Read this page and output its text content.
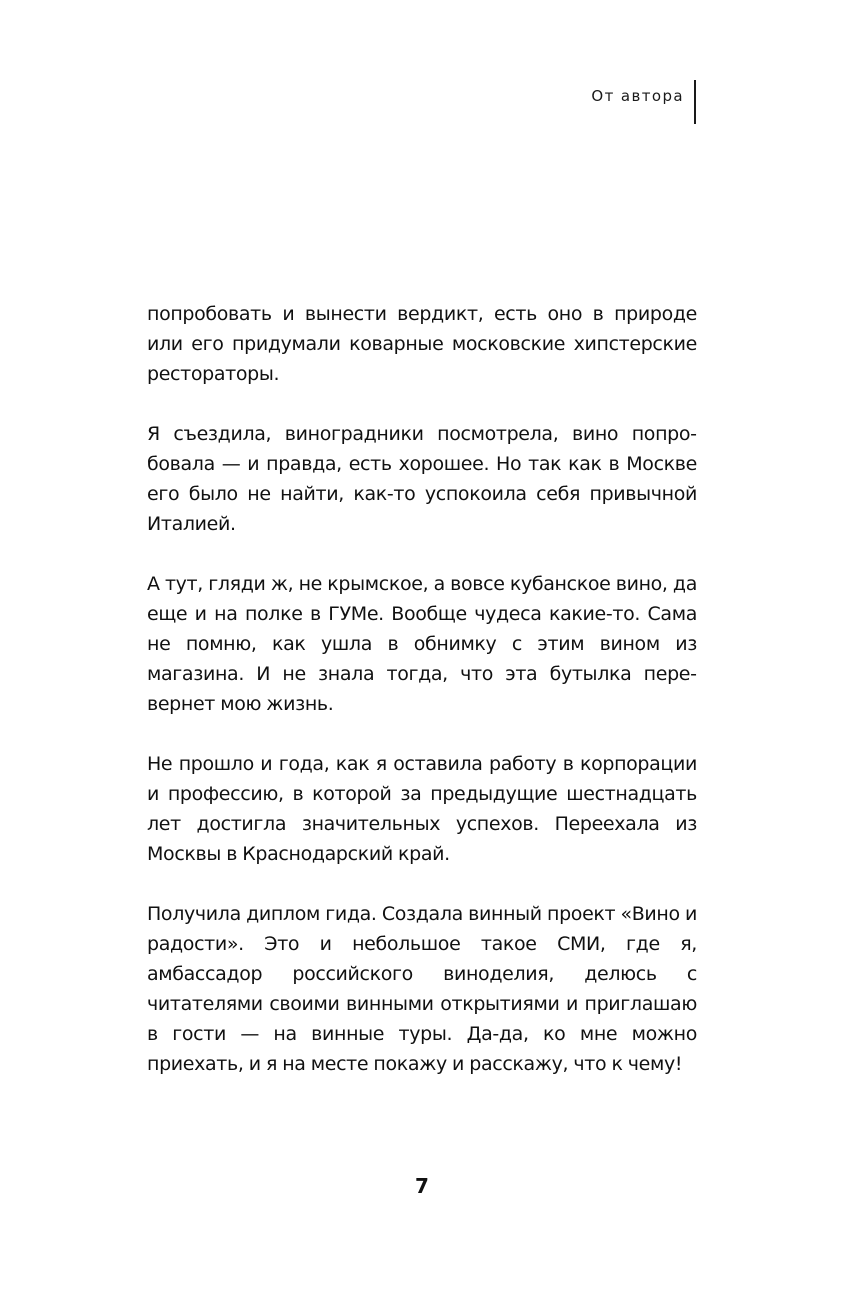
От автора

попробовать и вынести вердикт, есть оно в природе или его придумали коварные московские хипстерские рестораторы.

Я съездила, виноградники посмотрела, вино попробовала — и правда, есть хорошее. Но так как в Москве его было не найти, как-то успокоила себя привычной Италией.

А тут, гляди ж, не крымское, а вовсе кубанское вино, да еще и на полке в ГУМе. Вообще чудеса какие-то. Сама не помню, как ушла в обнимку с этим вином из магазина. И не знала тогда, что эта бутылка перевернет мою жизнь.

Не прошло и года, как я оставила работу в корпорации и профессию, в которой за предыдущие шестнадцать лет достигла значительных успехов. Переехала из Москвы в Краснодарский край.

Получила диплом гида. Создала винный проект «Вино и радости». Это и небольшое такое СМИ, где я, амбассадор российского виноделия, делюсь с читателями своими винными открытиями и приглашаю в гости — на винные туры. Да-да, ко мне можно приехать, и я на месте покажу и расскажу, что к чему!

7
